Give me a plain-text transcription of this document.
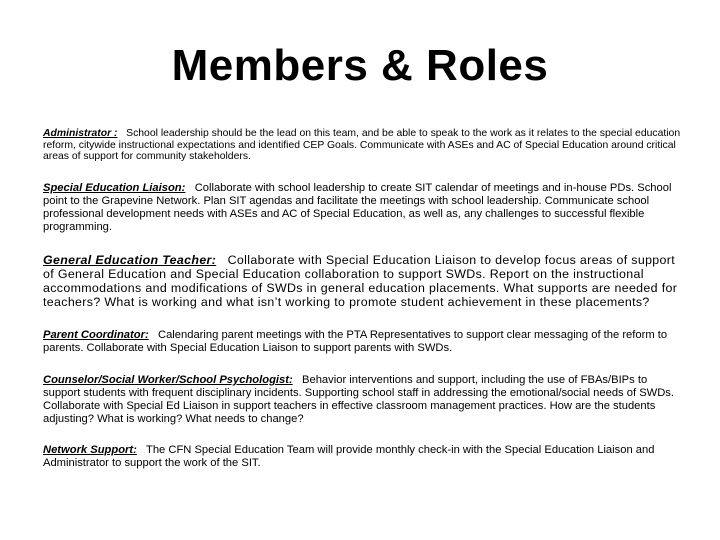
Members & Roles

Administrator : School leadership should be the lead on this team, and be able to speak to the work as it relates to the special education reform, citywide instructional expectations and identified CEP Goals. Communicate with ASEs and AC of Special Education around critical areas of support for community stakeholders.

Special Education Liaison: Collaborate with school leadership to create SIT calendar of meetings and in-house PDs. School point to the Grapevine Network. Plan SIT agendas and facilitate the meetings with school leadership. Communicate school professional development needs with ASEs and AC of Special Education, as well as, any challenges to successful flexible programming.

General Education Teacher: Collaborate with Special Education Liaison to develop focus areas of support of General Education and Special Education collaboration to support SWDs. Report on the instructional accommodations and modifications of SWDs in general education placements. What supports are needed for teachers? What is working and what isn’t working to promote student achievement in these placements?

Parent Coordinator: Calendaring parent meetings with the PTA Representatives to support clear messaging of the reform to parents. Collaborate with Special Education Liaison to support parents with SWDs.

Counselor/Social Worker/School Psychologist: Behavior interventions and support, including the use of FBAs/BIPs to support students with frequent disciplinary incidents. Supporting school staff in addressing the emotional/social needs of SWDs. Collaborate with Special Ed Liaison in support teachers in effective classroom management practices. How are the students adjusting? What is working? What needs to change?

Network Support: The CFN Special Education Team will provide monthly check-in with the Special Education Liaison and Administrator to support the work of the SIT.
